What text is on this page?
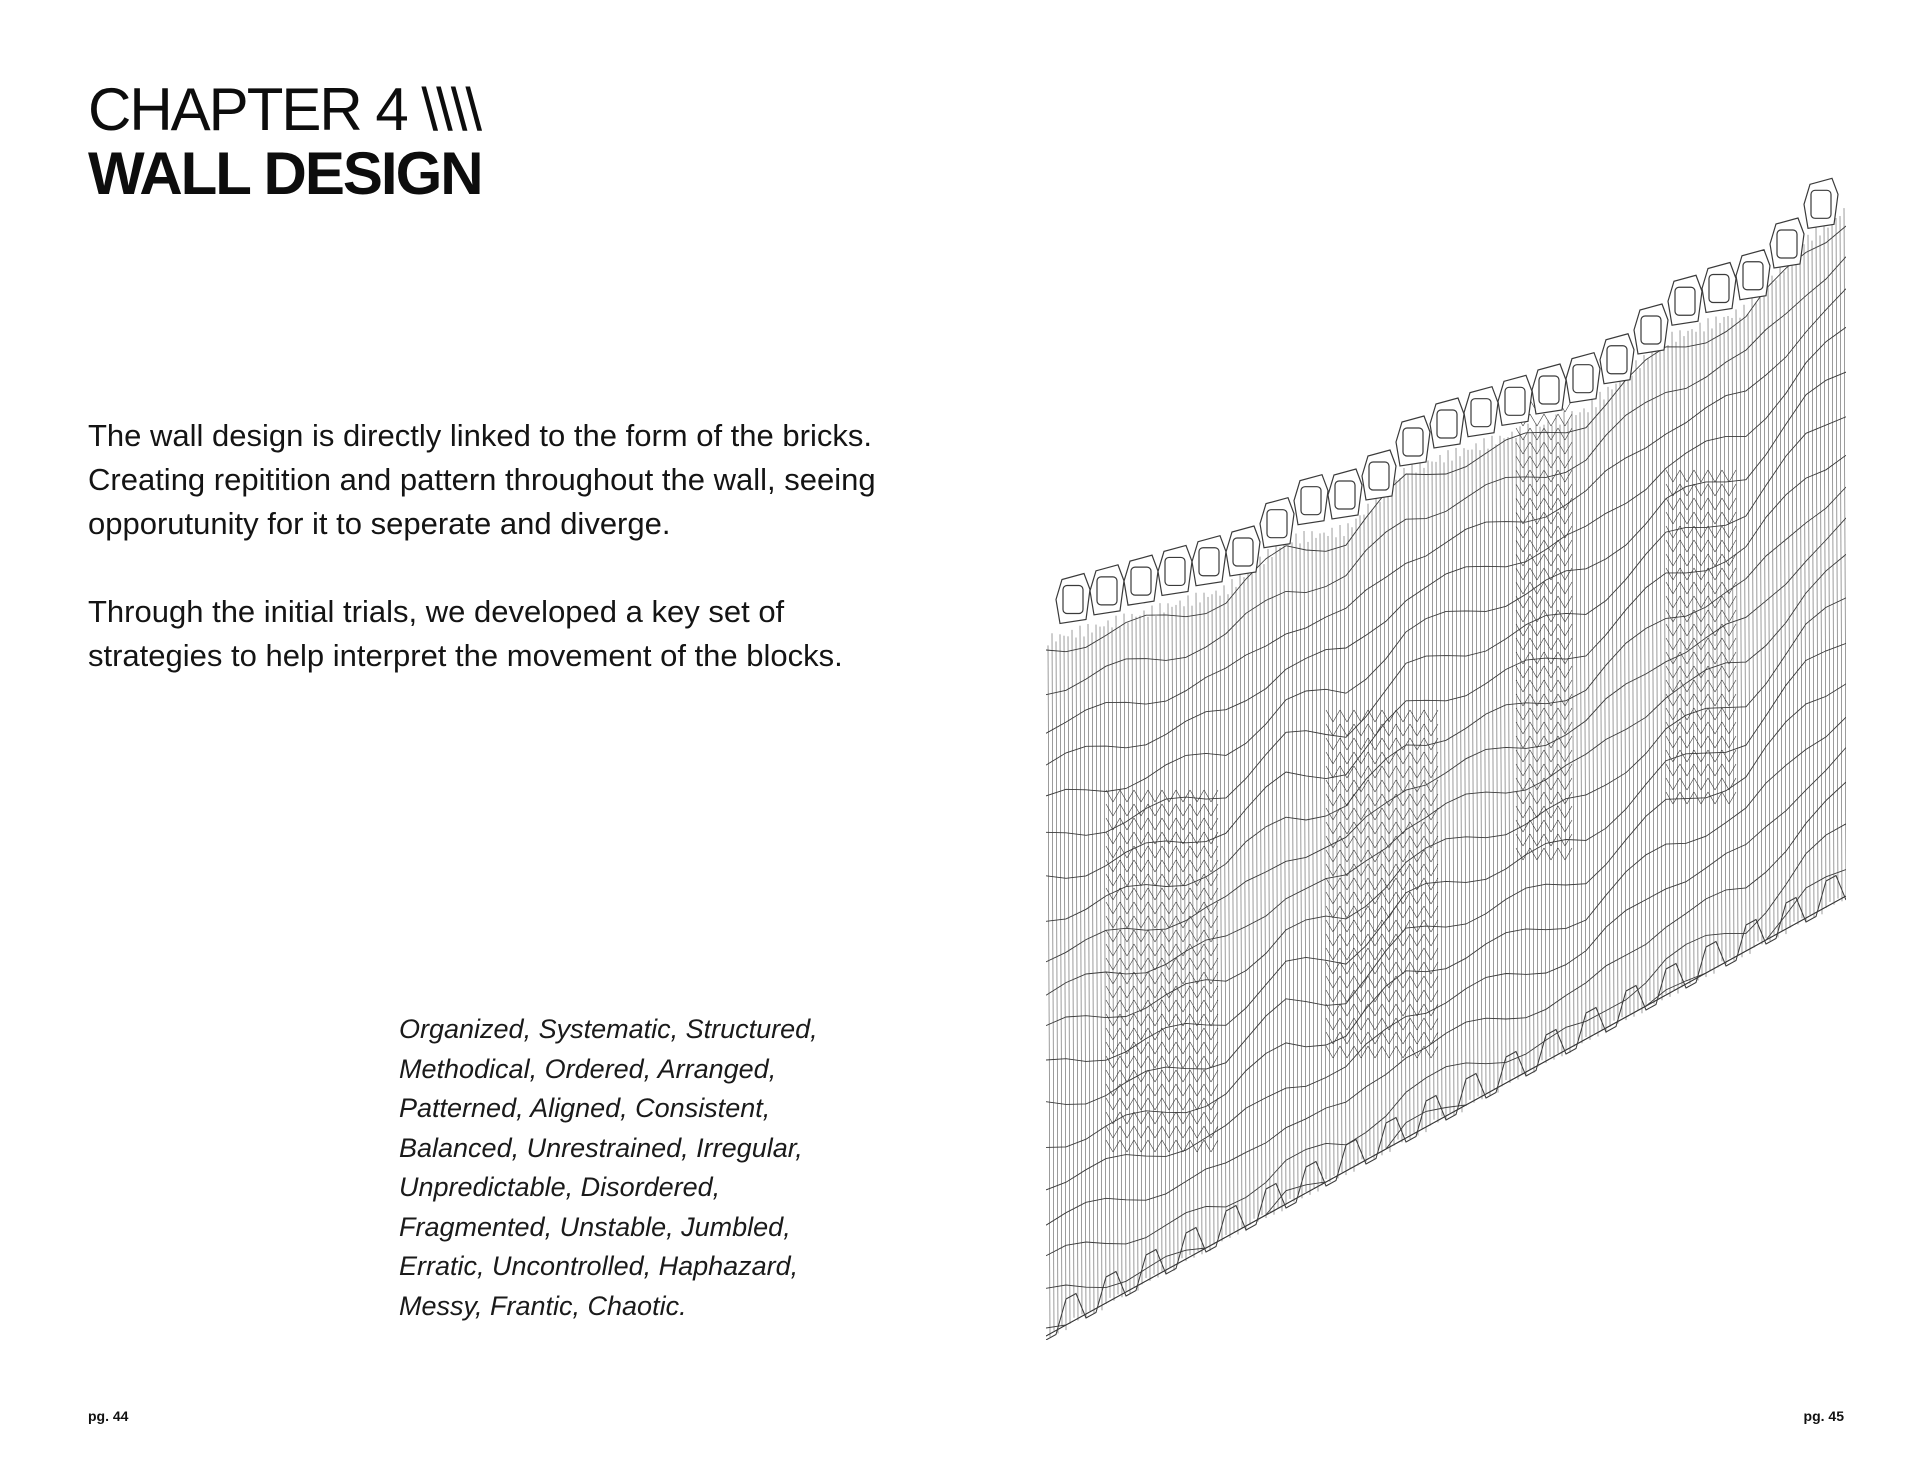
CHAPTER 4 \\\\
WALL DESIGN

The wall design is directly linked to the form of the bricks. Creating repitition and pattern throughout the wall, seeing opporutunity for it to seperate and diverge.

Through the initial trials, we developed a key set of strategies to help interpret the movement of the blocks.

Organized, Systematic, Structured,
Methodical, Ordered, Arranged,
Patterned, Aligned, Consistent,
Balanced, Unrestrained, Irregular,
Unpredictable, Disordered,
Fragmented, Unstable, Jumbled,
Erratic, Uncontrolled, Haphazard,
Messy, Frantic, Chaotic.
pg. 44	pg. 45
